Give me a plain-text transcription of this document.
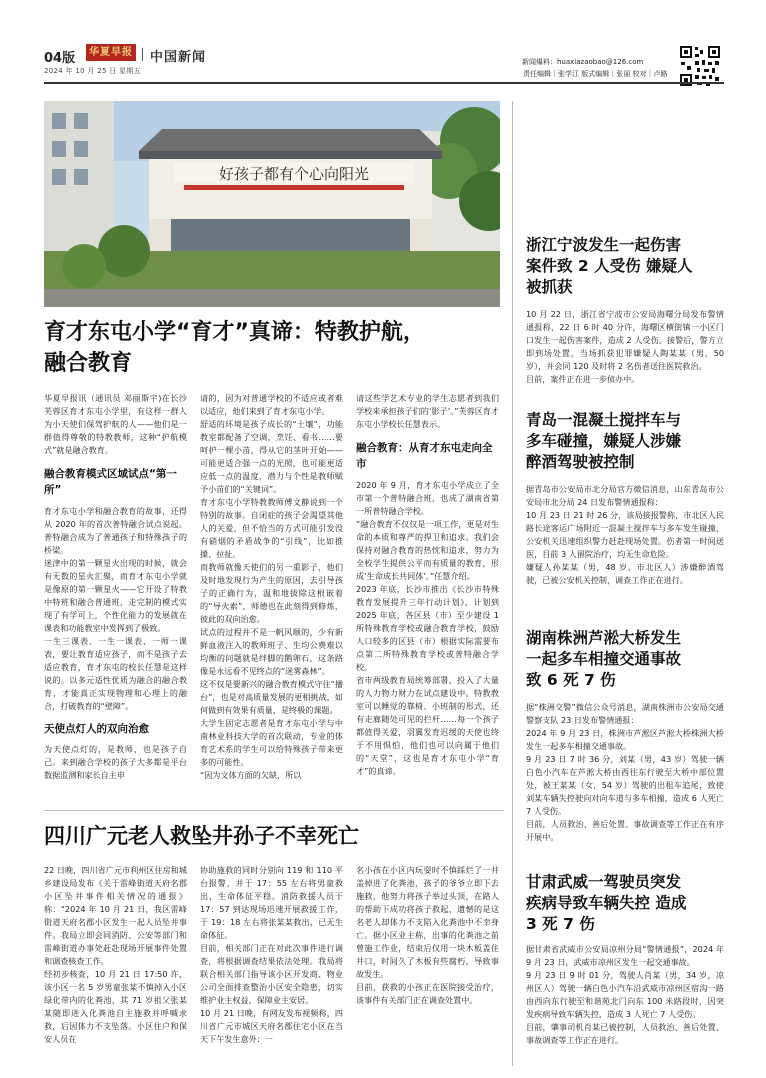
04版	华夏早报 中国新闻
2024 年 10 月 25 日 星期五
新闻爆料：huaxiazaobao@126.com
责任编辑｜张学江 版式编辑｜张丽 校对｜卢路
好孩子都有个心向阳光
育才东屯小学“育才”真谛：特教护航，
融合教育
华夏早报讯（通讯员 邓丽斯宇)在长沙芙蓉区育才东屯小学里，有这样一群人为小天使们保驾护航的人——他们是一群值得尊敬的特教教师，这种“护航模式”就是融合教育。
融合教育模式区域试点“第一所”
育才东屯小学和融合教育的故事，还得从 2020 年的首次普特融合试点说起。普特融合成为了普通孩子和特殊孩子的桥梁。
迷津中的第一颗星火出现的时候，就会有无数的星火汇聚，而育才东屯小学就是像原的第一颗星火——它开设了特教中特班和融合普通班，走完制的模式实现了有学可上，个性化能力的发展就在课表和功能教室中发挥到了极致。
一生三课表、一生一课表、一师一课表，要让教育适应孩子，而不是孩子去适应教育，育才东屯的校长任慧是这样说的。以多元适性优质为融合的融合教育，才能真正实现物理和心理上的融合，打破教育的“壁障”。
天使点灯人的双向治愈
为天使点灯的，是教师，也是孩子自己。来到融合学校的孩子大多都是平台数据监测和家长自主申
请的，因为对普通学校的不适应或者难以适应，他们来到了育才东屯小学。
舒适的环境是孩子成长的“土壤”，功能教室都配备了空调，烹饪、看书……要呵护一棵小苗，得从它的茎叶开始——可能更适合强一点的光照，也可能更适应低一点的温度，潜力与个性是教师赋予小苗们的“关键词”。
育才东屯小学特教教师傅文静说到一个特别的故事。自闭症的孩子会渴望其他人的关爱，但不恰当的方式可能引发没有硝烟的矛盾战争的“引线”，比如推搡、拉扯。
而教师就像天使们的另一重影子，他们及时地发现行为产生的原因，去引导孩子的正确行为，温和地拔除这根嵌着的“导火索”，师德也在此刻得到修炼，彼此的双向治愈。
试点的过程并不是一帆风顺的，少有新鲜血液注入的教师班子、生均公费难以均衡的问题就是绊脚的鹅卵石，这条路像是永远看不见终点的“迷雾森林”。
这不仅是要新兴的融合教育模式守住“播台”，也是对高质量发展的更相挑战，如何做到有效果有质量，是终极的课题。
大学生固定志愿者是育才东屯小学与中南林业科技大学的首次联动，专业的体育艺术系的学生可以给特殊孩子带来更多的可能性。
“因为文体方面的欠缺，所以
请这些学艺术专业的学生志愿者到我们学校来承担孩子们的‘影子’。”芙蓉区育才东屯小学校长任慧表示。
融合教育：从育才东屯走向全市
2020 年 9 月，育才东屯小学成立了全市第一个普特融合班，也成了湖南省第一所普特融合学校。
“融合教育不仅仅是一项工作，更是对生命的本质和尊严的捍卫和追求。我们会保持对融合教育的热忱和追求，努力为全校学生提供公平而有质量的教育，形成‘生命成长共同体’。”任慧介绍。
2023 年底，长沙市推出《长沙市特殊教育发展提升三年行动计划》，计划到 2025 年底，各区县（市）至少建设 1 所特殊教育学校或融合教育学校，鼓励人口较多的区县（市）根据实际需要布点第二所特殊教育学校或普特融合学校。
省市两级教育局统筹部署，投入了大量的人力物力财力在试点建设中。特教教室可以睡觉的靠椅、小班制的形式，还有走廊随处可见的拦杆……每一个孩子都值得关爱，羽翼发育迟缓的天使也终于不用惧怕，他们也可以向属于他们的“天堂”，这也是育才东屯小学“育才”的真谛。
四川广元老人救坠井孙子不幸死亡
22 日晚，四川省广元市利州区住房和城乡建设局发布《关于雷峰街道天府名郡小区坠井事件相关情况的通报》称：“2024 年 10 月 21 日，我区雷峰街道天府名郡小区发生一起人员坠井事件。我局立即会同消防、公安等部门和雷峰街道办事处赶赴现场开展事件处置和调查核查工作。
经初步核查，10 月 21 日 17:50 许，该小区一名 5 岁男童张某不慎掉入小区绿化带内的化粪池，其 71 岁祖父张某某随即进入化粪池自主施救并呼喊求救，后因体力不支坠落。小区住户和保安人员在
协助施救的同时分别向 119 和 110 平台报警，并于 17：55 左右将男童救出，生命体征平稳。消防救援人员于 17：57 到达现场迅速开展救援工作，于 19：18 左右将张某某救出，已无生命体征。
目前，相关部门正在对此次事件进行调查，将根据调查结果依法处理。我局将联合相关部门指导该小区开发商、物业公司全面排查整治小区安全隐患，切实维护业主权益，保障业主安居。
10 月 21 日晚，有网友发布视频称，四川省广元市城区天府名郡住宅小区在当天下午发生意外：一
名小孩在小区内玩耍时不慎踩烂了一井盖掉进了化粪池，孩子的爷爷立即下去施救，他努力将孩子举过头顶，在路人的帮助下成功将孩子救起，遗憾的是这名老人却体力不支陷入化粪池中不幸身亡。据小区业主称，出事的化粪池之前曾施工作业，结束后仅用一块木板盖住井口，时间久了木板有些腐朽，导致事故发生。
目前，获救的小孩正在医院接受治疗，该事件有关部门正在调查处置中。
浙江宁波发生一起伤害
案件致 2 人受伤 嫌疑人
被抓获
10 月 22 日，浙江省宁波市公安局海曙分局发布警情通报称，22 日 6 时 40 分许，海曙区横街镇一小区门口发生一起伤害案件，造成 2 人受伤。接警后，警方立即到场处置，当场抓获犯罪嫌疑人陶某某（男，50 岁），并会同 120 及时将 2 名伤者送往医院救治。
目前，案件正在进一步侦办中。
青岛一混凝土搅拌车与
多车碰撞，嫌疑人涉嫌
醉酒驾驶被控制
据青岛市公安局市北分局官方微信消息，山东青岛市公安局市北分局 24 日发布警情通报称：
10 月 23 日 21 时 26 分，该局接报警称，市北区人民路长途客运广场附近一混凝土搅拌车与多车发生碰撞，公安机关迅速组织警力赶赴现场处置。伤者第一时间送医，目前 3 人留院治疗，均无生命危险。
嫌疑人孙某某（男，48 岁，市北区人）涉嫌醉酒驾驶，已被公安机关控制，调查工作正在进行。
湖南株洲芦淞大桥发生
一起多车相撞交通事故
致 6 死 7 伤
据“株洲交警”微信公众号消息，湖南株洲市公安局交通警察支队 23 日发布警情通报：
2024 年 9 月 23 日，株洲市芦淞区芦淞大桥株洲大桥发生一起多车相撞交通事故。
9 月 23 日 7 时 36 分，刘某（男，43 岁）驾驶一辆白色小汽车在芦淞大桥由西往东行驶至大桥中部位置处，被王某某（女，54 岁）驾驶的出租车追尾，致使刘某车辆失控驶向对向车道与多车相撞，造成 6 人死亡 7 人受伤。
目前，人员救治、善后处置、事故调查等工作正在有序开展中。
甘肃武威一驾驶员突发
疾病导致车辆失控 造成
3 死 7 伤
据甘肃省武威市公安局凉州分局“警情通报”，2024 年 9 月 23 日，武威市凉州区发生一起交通事故。
9 月 23 日 9 时 01 分，驾驶人肖某（男，34 岁，凉州区人）驾驶一辆白色小汽车沿武威市凉州区宿沟一路由西向东行驶至和谐苑北门向东 100 米路段时，因突发疾病导致车辆失控，造成 3 人死亡 7 人受伤。
目前，肇事司机肖某已被控制，人员救治、善后处置、事故调查等工作正在进行。
